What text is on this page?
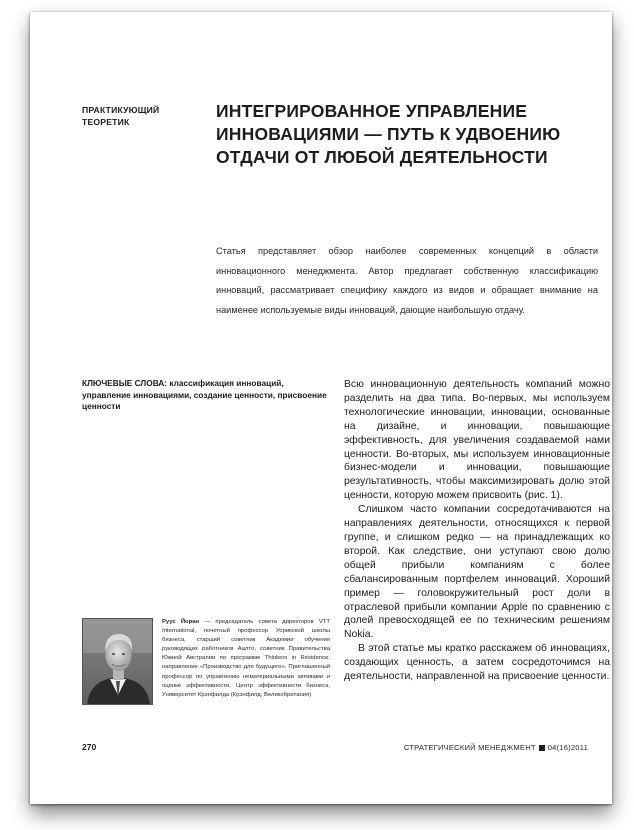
ПРАКТИКУЮЩИЙ
ТЕОРЕТИК
ИНТЕГРИРОВАННОЕ УПРАВЛЕНИЕ
ИННОВАЦИЯМИ — ПУТЬ К УДВОЕНИЮ
ОТДАЧИ ОТ ЛЮБОЙ ДЕЯТЕЛЬНОСТИ
Статья представляет обзор наиболее современных концепций в области инновационного менеджмента. Автор предлагает собственную классификацию инноваций, рассматривает специфику каждого из видов и обращает внимание на наименее используемые виды инноваций, дающие наибольшую отдачу.
КЛЮЧЕВЫЕ СЛОВА: классификация инноваций, управление инновациями, создание ценности, присвоение ценности

Всю инновационную деятельность компаний можно разделить на два типа. Во-первых, мы используем технологические инновации, инновации, основанные на дизайне, и инновации, повышающие эффективность, для увеличения создаваемой нами ценности. Во-вторых, мы используем инновационные бизнес-модели и инновации, повышающие результативность, чтобы максимизировать долю этой ценности, которую можем присвоить (рис. 1).

Слишком часто компании сосредотачиваются на направлениях деятельности, относящихся к первой группе, и слишком редко — на принадлежащих ко второй. Как следствие, они уступают свою долю общей прибыли компаниям с более сбалансированным портфелем инноваций. Хороший пример — головокружительный рост доли в отраслевой прибыли компании Apple по сравнению с долей превосходящей ее по техническим решениям Nokia.

В этой статье мы кратко расскажем об инновациях, создающих ценность, а затем сосредоточимся на деятельности, направленной на присвоение ценности.

Руус Йоран — председатель совета директоров VTT International, почетный профессор Уорикской школы бизнеса, старший советник Академии обучения руководящих работников Аалто, советник Правительства Южной Австралии по программе Thinkers in Residence, направление «Производство для будущего». Приглашенный профессор по управлению нематериальными активами и оценке эффективности, Центр эффективности бизнеса, Университет Крэнфилда (Крэнфилд, Великобритания)
270	СТРАТЕГИЧЕСКИЙ МЕНЕДЖМЕНТ 04(16)2011
